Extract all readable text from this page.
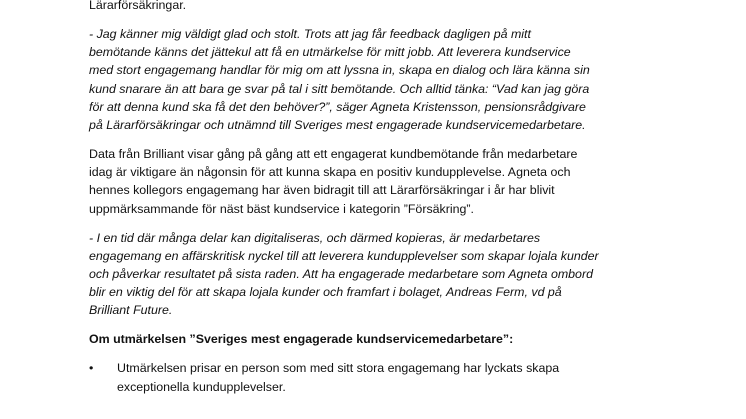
Lärarförsäkringar.
- Jag känner mig väldigt glad och stolt. Trots att jag får feedback dagligen på mitt
bemötande känns det jättekul att få en utmärkelse för mitt jobb. Att leverera kundservice
med stort engagemang handlar för mig om att lyssna in, skapa en dialog och lära känna sin
kund snarare än att bara ge svar på tal i sitt bemötande. Och alltid tänka: “Vad kan jag göra
för att denna kund ska få det den behöver?”, säger Agneta Kristensson, pensionsrådgivare
på Lärarförsäkringar och utnämnd till Sveriges mest engagerade kundservicemedarbetare.
Data från Brilliant visar gång på gång att ett engagerat kundbemötande från medarbetare
idag är viktigare än någonsin för att kunna skapa en positiv kundupplevelse. Agneta och
hennes kollegors engagemang har även bidragit till att Lärarförsäkringar i år har blivit
uppmärksammande för näst bäst kundservice i kategorin ”Försäkring”.
- I en tid där många delar kan digitaliseras, och därmed kopieras, är medarbetares
engagemang en affärskritisk nyckel till att leverera kundupplevelser som skapar lojala kunder
och påverkar resultatet på sista raden. Att ha engagerade medarbetare som Agneta ombord
blir en viktig del för att skapa lojala kunder och framfart i bolaget, Andreas Ferm, vd på
Brilliant Future.
Om utmärkelsen ”Sveriges mest engagerade kundservicemedarbetare”:
•	Utmärkelsen prisar en person som med sitt stora engagemang har lyckats skapa
exceptionella kundupplevelser.
